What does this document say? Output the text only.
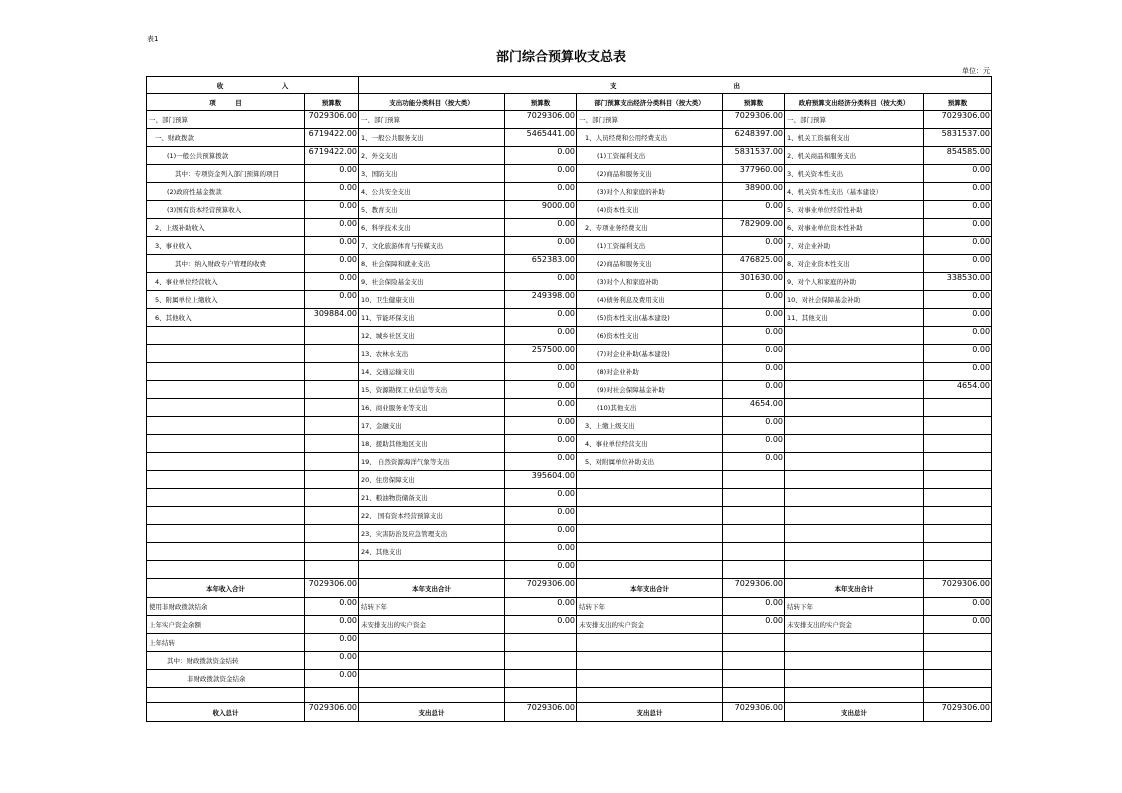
表1
部门综合预算收支总表
单位：元
收　　　　　　　　　入		支　　　　　　　　　　　　　　　　　　出					
项　　　目	预算数	支出功能分类科目（按大类）	预算数	部门预算支出经济分类科目（按大类）	预算数	政府预算支出经济分类科目（按大类）	预算数
一、部门预算	7029306.00	一、部门预算	7029306.00	一、部门预算	7029306.00	一、部门预算	7029306.00
一、财政拨款	6719422.00	1、一般公共服务支出	5465441.00	1、人员经费和公用经费支出	6248397.00	1、机关工资福利支出	5831537.00
(1)一般公共预算拨款	6719422.00	2、外交支出	0.00	(1)工资福利支出	5831537.00	2、机关商品和服务支出	854585.00
其中：专项资金列入部门预算的项目	0.00	3、国防支出	0.00	(2)商品和服务支出	377960.00	3、机关资本性支出	0.00
(2)政府性基金拨款	0.00	4、公共安全支出	0.00	(3)对个人和家庭的补助	38900.00	4、机关资本性支出（基本建设）	0.00
(3)国有资本经营预算收入	0.00	5、教育支出	9000.00	(4)资本性支出	0.00	5、对事业单位经常性补助	0.00
2、上级补助收入	0.00	6、科学技术支出	0.00	2、专项业务经费支出	782909.00	6、对事业单位资本性补助	0.00
3、事业收入	0.00	7、文化旅游体育与传媒支出	0.00	(1)工资福利支出	0.00	7、对企业补助	0.00
其中：纳入财政专户管理的收费	0.00	8、社会保障和就业支出	652383.00	(2)商品和服务支出	476825.00	8、对企业资本性支出	0.00
4、事业单位经营收入	0.00	9、社会保险基金支出	0.00	(3)对个人和家庭补助	301630.00	9、对个人和家庭的补助	338530.00
5、附属单位上缴收入	0.00	10、卫生健康支出	249398.00	(4)债务利息及费用支出	0.00	10、对社会保障基金补助	0.00
6、其他收入	309884.00	11、节能环保支出	0.00	(5)资本性支出(基本建设)	0.00	11、其他支出	0.00
		12、城乡社区支出	0.00	(6)资本性支出	0.00		0.00
		13、农林水支出	257500.00	(7)对企业补助(基本建设)	0.00		0.00
		14、交通运输支出	0.00	(8)对企业补助	0.00		0.00
		15、资源勘探工业信息等支出	0.00	(9)对社会保障基金补助	0.00		4654.00
		16、商业服务业等支出	0.00	(10)其他支出	4654.00		
		17、金融支出	0.00	3、上缴上级支出	0.00		
		18、援助其他地区支出	0.00	4、事业单位经营支出	0.00		
		19、 自然资源海洋气象等支出	0.00	5、对附属单位补助支出	0.00		
		20、住房保障支出	395604.00				
		21、粮油物资储备支出	0.00				
		22、 国有资本经营预算支出	0.00				
		23、灾害防治及应急管理支出	0.00				
		24、其他支出	0.00				
			0.00				
本年收入合计	7029306.00	本年支出合计	7029306.00	本年支出合计	7029306.00	本年支出合计	7029306.00
使用非财政拨款结余	0.00	结转下年	0.00	结转下年	0.00	结转下年	0.00
上年实户资金余额	0.00	未安排支出的实户资金	0.00	未安排支出的实户资金	0.00	未安排支出的实户资金	0.00
上年结转	0.00						
其中：财政拨款资金结转	0.00						
非财政拨款资金结余	0.00						

收入总计	7029306.00	支出总计	7029306.00	支出总计	7029306.00	支出总计	7029306.00
